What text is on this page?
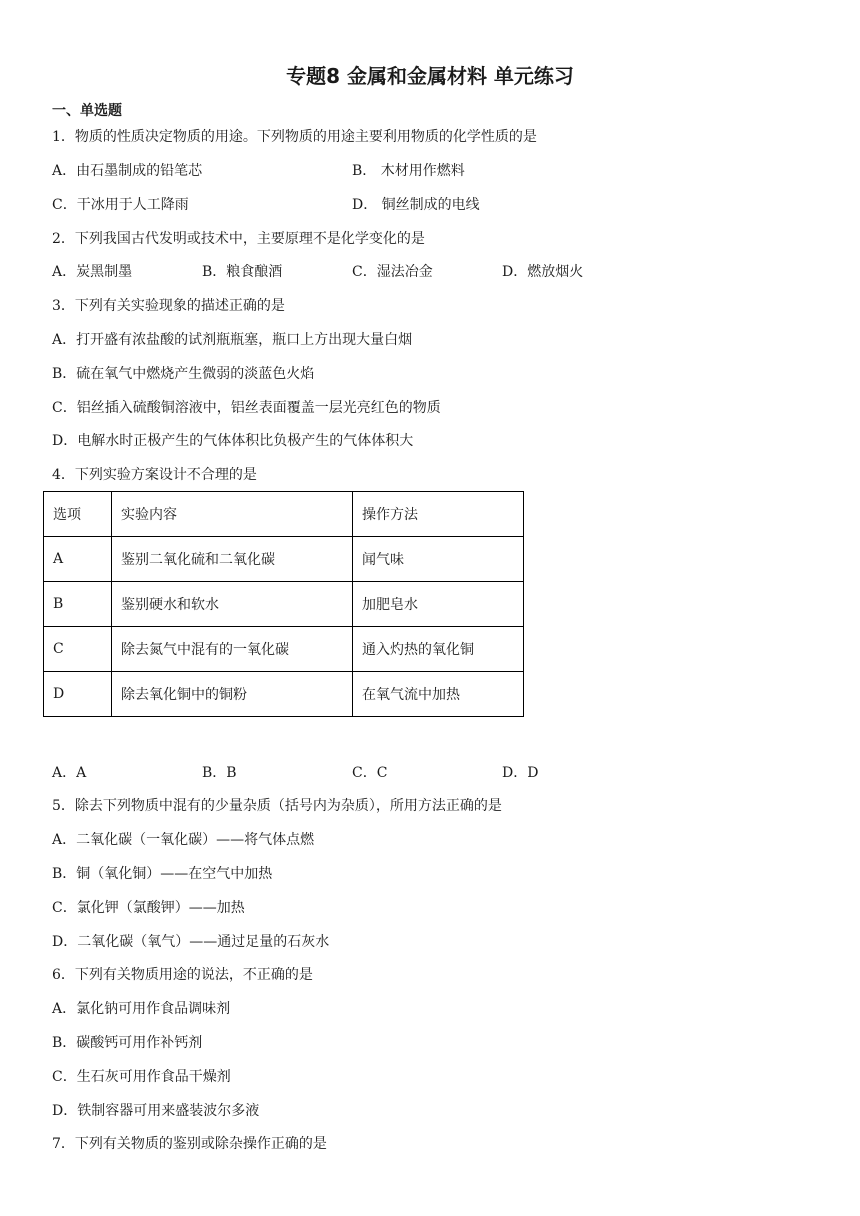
专题8 金属和金属材料 单元练习
一、单选题
1．物质的性质决定物质的用途。下列物质的用途主要利用物质的化学性质的是
A．由石墨制成的铅笔芯	B． 木材用作燃料
C．干冰用于人工降雨	D． 铜丝制成的电线
2．下列我国古代发明或技术中，主要原理不是化学变化的是
A．炭黑制墨	B．粮食酿酒	C．湿法冶金	D．燃放烟火
3．下列有关实验现象的描述正确的是
A．打开盛有浓盐酸的试剂瓶瓶塞，瓶口上方出现大量白烟
B．硫在氧气中燃烧产生微弱的淡蓝色火焰
C．铝丝插入硫酸铜溶液中，铝丝表面覆盖一层光亮红色的物质
D．电解水时正极产生的气体体积比负极产生的气体体积大
4．下列实验方案设计不合理的是
选项	实验内容	操作方法
A	鉴别二氧化硫和二氧化碳	闻气味
B	鉴别硬水和软水	加肥皂水
C	除去氮气中混有的一氧化碳	通入灼热的氧化铜
D	除去氧化铜中的铜粉	在氧气流中加热
A．A	B．B	C．C	D．D
5．除去下列物质中混有的少量杂质（括号内为杂质），所用方法正确的是
A．二氧化碳（一氧化碳）——将气体点燃
B．铜（氧化铜）——在空气中加热
C．氯化钾（氯酸钾）——加热
D．二氧化碳（氧气）——通过足量的石灰水
6．下列有关物质用途的说法，不正确的是
A．氯化钠可用作食品调味剂
B．碳酸钙可用作补钙剂
C．生石灰可用作食品干燥剂
D．铁制容器可用来盛装波尔多液
7．下列有关物质的鉴别或除杂操作正确的是
